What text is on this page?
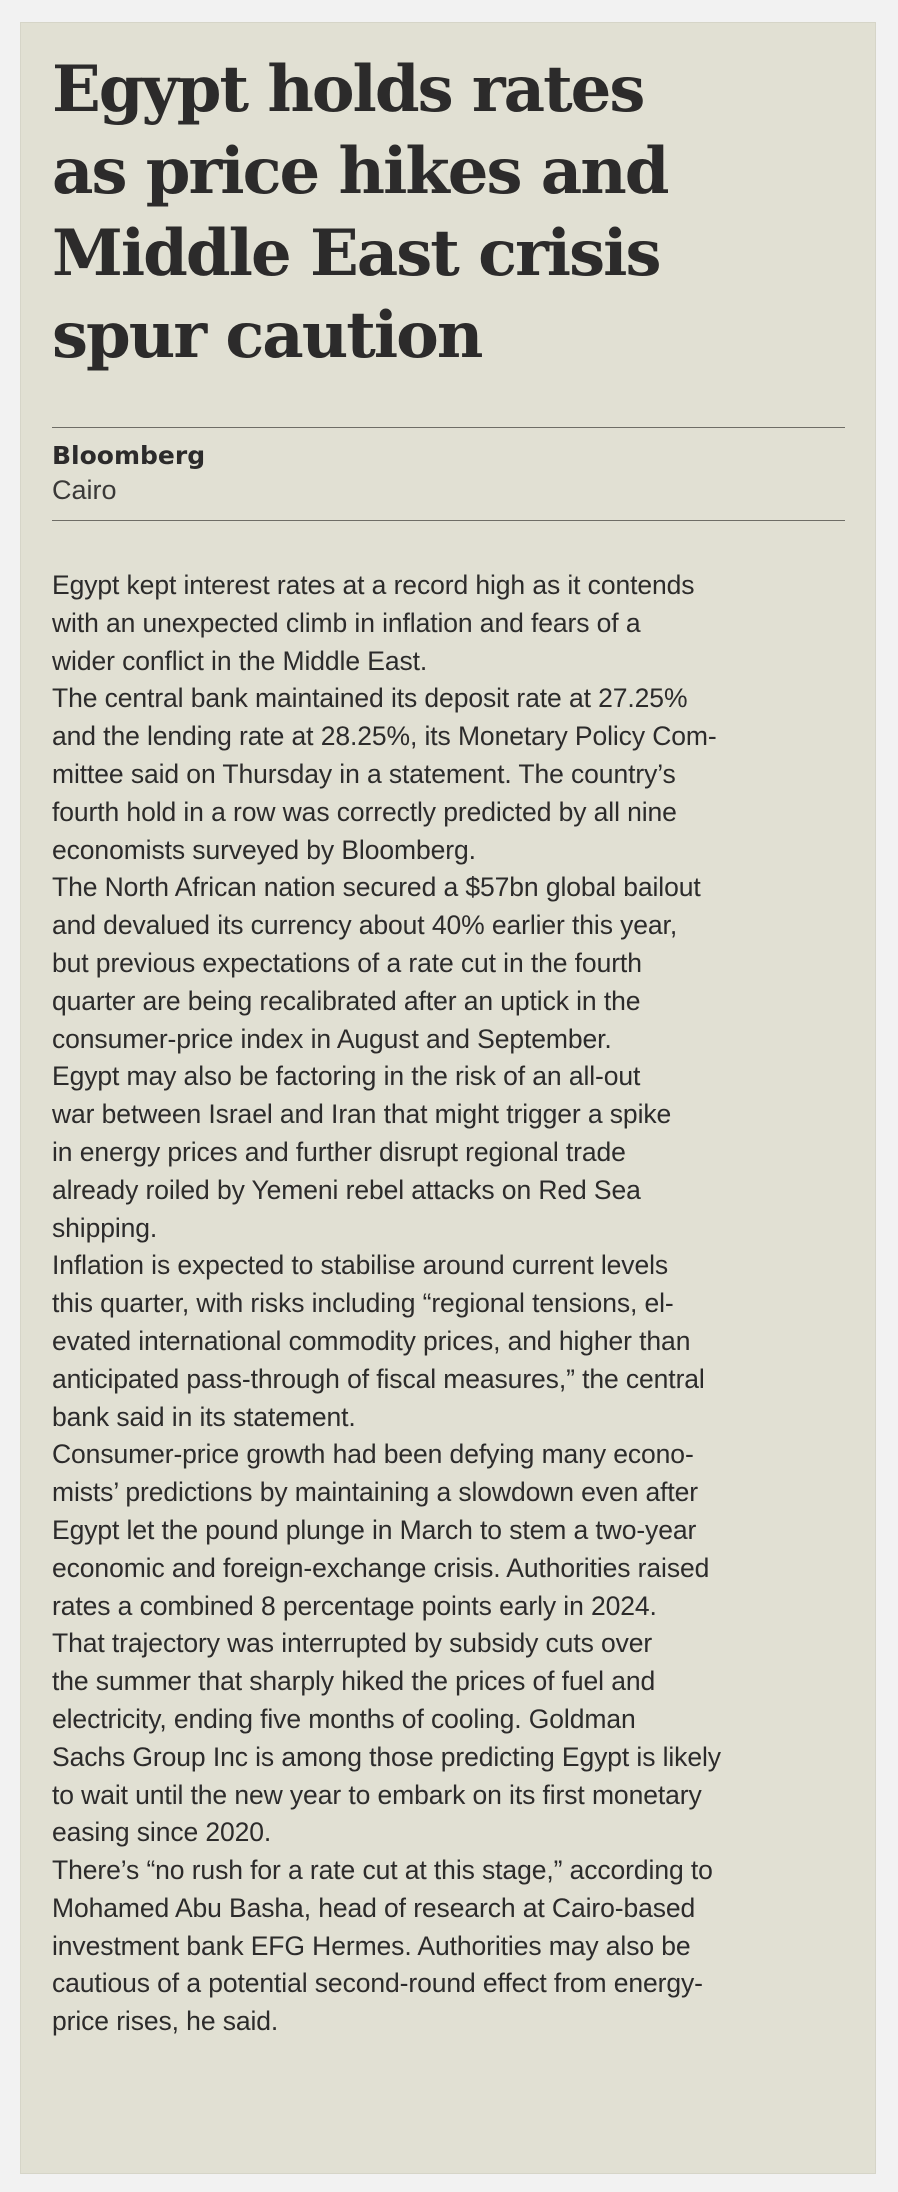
Egypt holds rates
as price hikes and
Middle East crisis
spur caution

Bloomberg
Cairo

Egypt kept interest rates at a record high as it contends
with an unexpected climb in inflation and fears of a
wider conflict in the Middle East.

The central bank maintained its deposit rate at 27.25%
and the lending rate at 28.25%, its Monetary Policy Com-
mittee said on Thursday in a statement. The country’s
fourth hold in a row was correctly predicted by all nine
economists surveyed by Bloomberg.

The North African nation secured a $57bn global bailout
and devalued its currency about 40% earlier this year,
but previous expectations of a rate cut in the fourth
quarter are being recalibrated after an uptick in the
consumer-price index in August and September.

Egypt may also be factoring in the risk of an all-out
war between Israel and Iran that might trigger a spike
in energy prices and further disrupt regional trade
already roiled by Yemeni rebel attacks on Red Sea
shipping.

Inflation is expected to stabilise around current levels
this quarter, with risks including “regional tensions, el-
evated international commodity prices, and higher than
anticipated pass-through of fiscal measures,” the central
bank said in its statement.

Consumer-price growth had been defying many econo-
mists’ predictions by maintaining a slowdown even after
Egypt let the pound plunge in March to stem a two-year
economic and foreign-exchange crisis. Authorities raised
rates a combined 8 percentage points early in 2024.

That trajectory was interrupted by subsidy cuts over
the summer that sharply hiked the prices of fuel and
electricity, ending five months of cooling. Goldman
Sachs Group Inc is among those predicting Egypt is likely
to wait until the new year to embark on its first monetary
easing since 2020.

There’s “no rush for a rate cut at this stage,” according to
Mohamed Abu Basha, head of research at Cairo-based
investment bank EFG Hermes. Authorities may also be
cautious of a potential second-round effect from energy-
price rises, he said.
